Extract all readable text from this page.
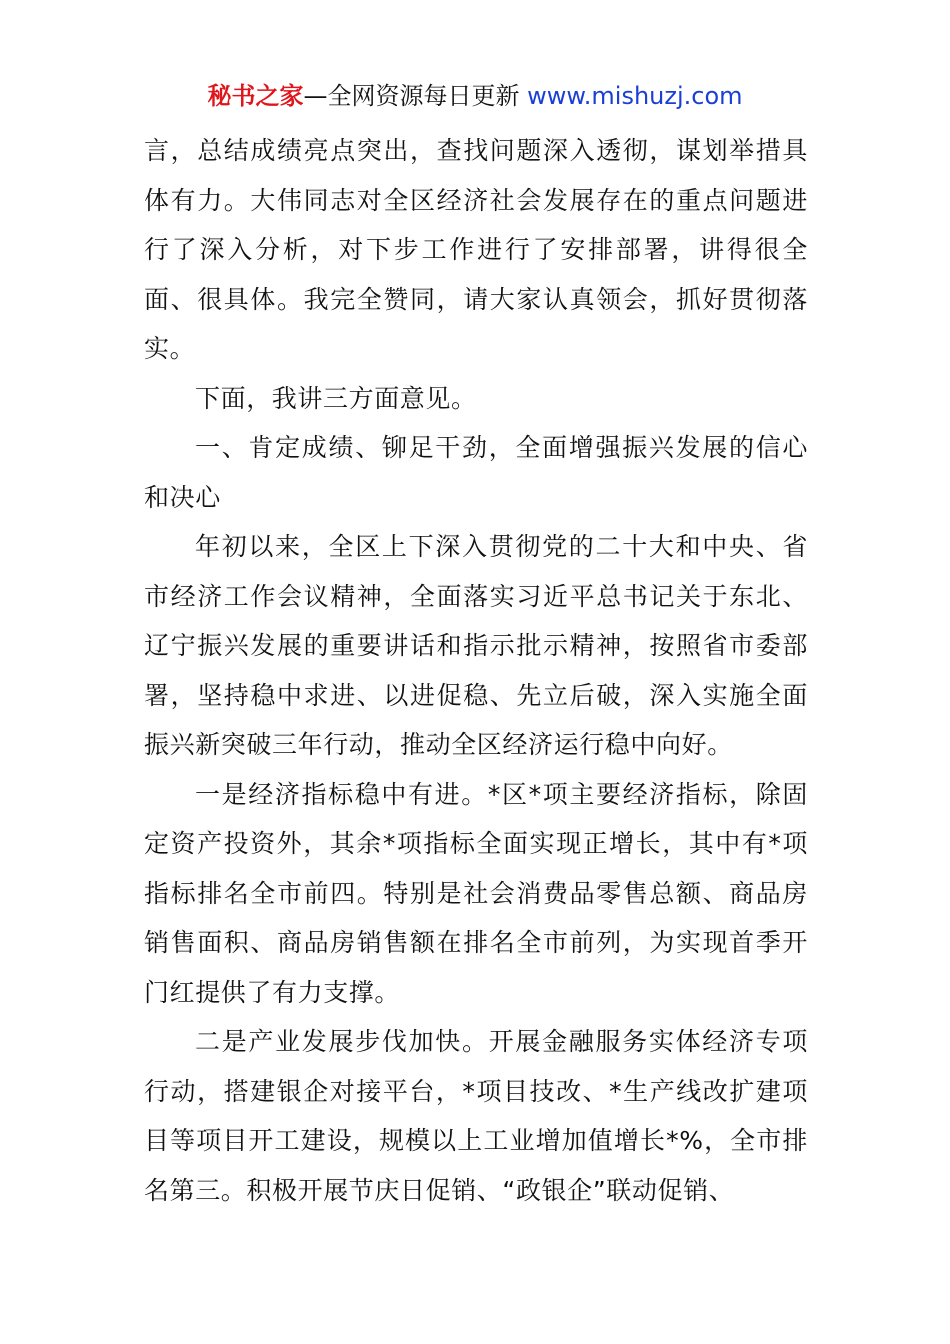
秘书之家—全网资源每日更新 www.mishuzj.com

言，总结成绩亮点突出，查找问题深入透彻，谋划举措具体有力。大伟同志对全区经济社会发展存在的重点问题进行了深入分析，对下步工作进行了安排部署，讲得很全面、很具体。我完全赞同，请大家认真领会，抓好贯彻落实。

下面，我讲三方面意见。

一、肯定成绩、铆足干劲，全面增强振兴发展的信心和决心

年初以来，全区上下深入贯彻党的二十大和中央、省市经济工作会议精神，全面落实习近平总书记关于东北、辽宁振兴发展的重要讲话和指示批示精神，按照省市委部署，坚持稳中求进、以进促稳、先立后破，深入实施全面振兴新突破三年行动，推动全区经济运行稳中向好。

一是经济指标稳中有进。*区*项主要经济指标，除固定资产投资外，其余*项指标全面实现正增长，其中有*项指标排名全市前四。特别是社会消费品零售总额、商品房销售面积、商品房销售额在排名全市前列，为实现首季开门红提供了有力支撑。

二是产业发展步伐加快。开展金融服务实体经济专项行动，搭建银企对接平台，*项目技改、*生产线改扩建项目等项目开工建设，规模以上工业增加值增长*%，全市排名第三。积极开展节庆日促销、“政银企”联动促销、
